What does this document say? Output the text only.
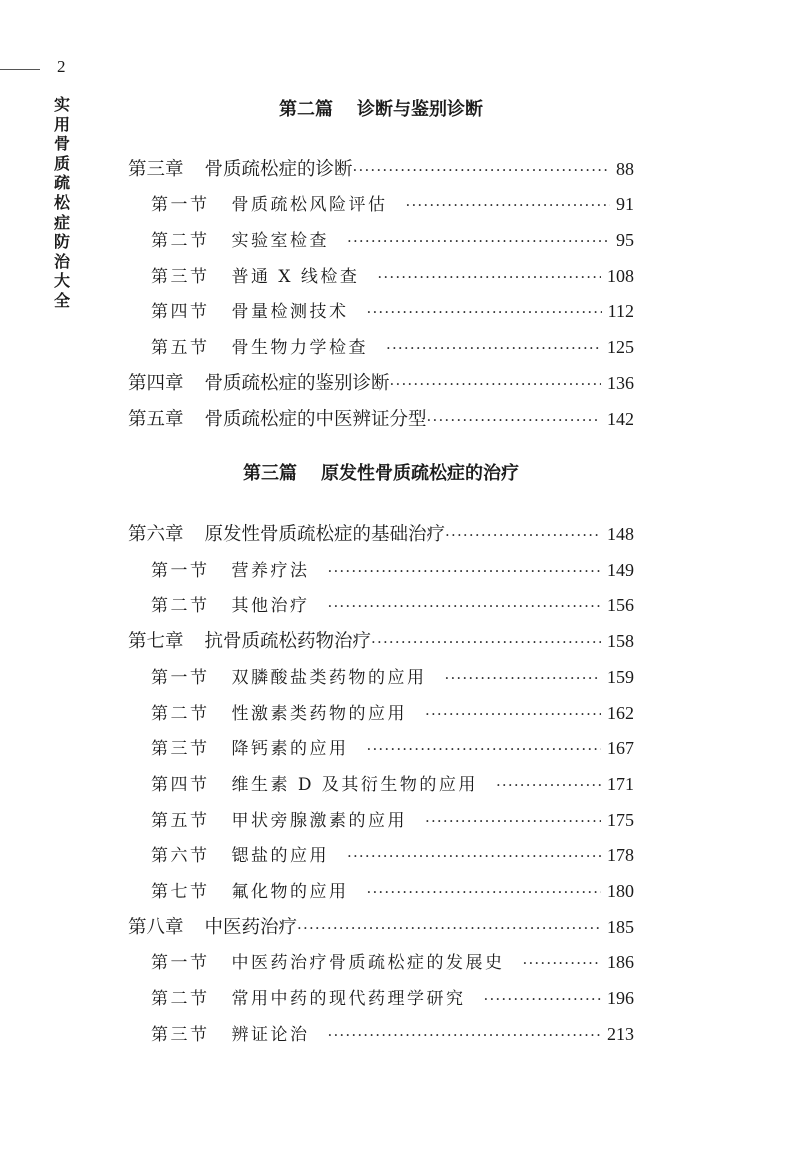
2
实用骨质疏松症防治大全
第二篇 诊断与鉴别诊断
第三篇 原发性骨质疏松症的治疗
第三章 骨质疏松症的诊断 ·····	88
第一节 骨质疏松风险评估 ·····	91
第二节 实验室检查 ·····	95
第三节 普通 X 线检查 ·····	108
第四节 骨量检测技术 ·····	112
第五节 骨生物力学检查 ·····	125
第四章 骨质疏松症的鉴别诊断 ·····	136
第五章 骨质疏松症的中医辨证分型 ·····	142
第六章 原发性骨质疏松症的基础治疗 ·····	148
第一节 营养疗法 ·····	149
第二节 其他治疗 ·····	156
第七章 抗骨质疏松药物治疗 ·····	158
第一节 双膦酸盐类药物的应用 ·····	159
第二节 性激素类药物的应用 ·····	162
第三节 降钙素的应用 ·····	167
第四节 维生素 D 及其衍生物的应用 ·····	171
第五节 甲状旁腺激素的应用 ·····	175
第六节 锶盐的应用 ·····	178
第七节 氟化物的应用 ·····	180
第八章 中医药治疗 ·····	185
第一节 中医药治疗骨质疏松症的发展史 ·····	186
第二节 常用中药的现代药理学研究 ·····	196
第三节 辨证论治 ·····	213
